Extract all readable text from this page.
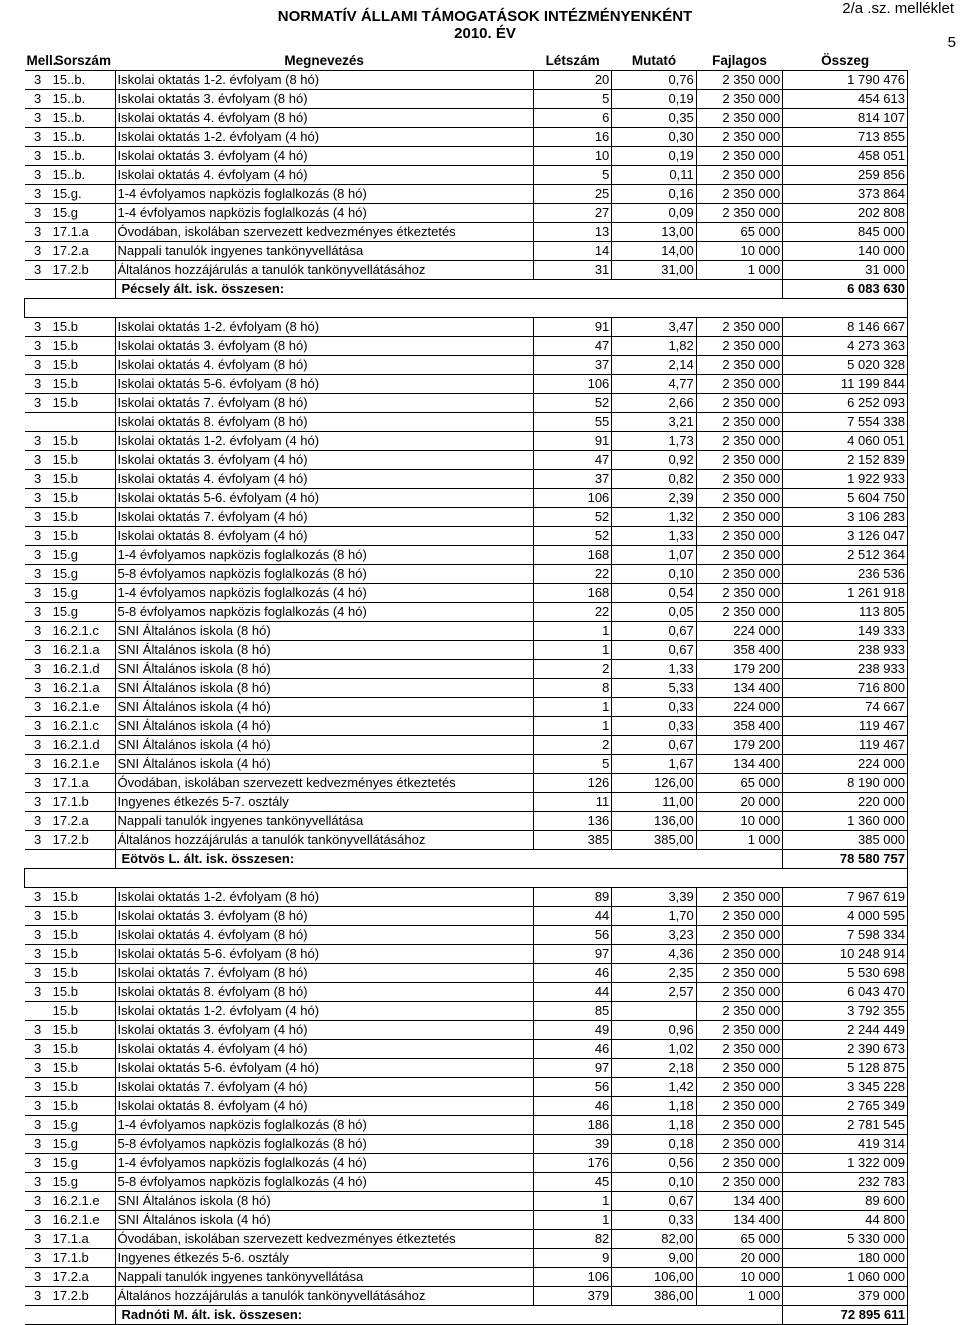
NORMATÍV ÁLLAMI TÁMOGATÁSOK INTÉZMÉNYENKÉNT
2010. ÉV
2/a .sz. melléklet
5
Mell.	Sorszám	Megnevezés	Létszám	Mutató	Fajlagos	Összeg
3	15..b.	Iskolai oktatás 1-2. évfolyam (8 hó)	20	0,76	2 350 000	1 790 476
3	15..b.	Iskolai oktatás 3. évfolyam (8 hó)	5	0,19	2 350 000	454 613
3	15..b.	Iskolai oktatás 4. évfolyam (8 hó)	6	0,35	2 350 000	814 107
3	15..b.	Iskolai oktatás 1-2. évfolyam (4 hó)	16	0,30	2 350 000	713 855
3	15..b.	Iskolai oktatás 3. évfolyam (4 hó)	10	0,19	2 350 000	458 051
3	15..b.	Iskolai oktatás 4. évfolyam (4 hó)	5	0,11	2 350 000	259 856
3	15.g.	1-4 évfolyamos napközis foglalkozás (8 hó)	25	0,16	2 350 000	373 864
3	15.g	1-4 évfolyamos napközis foglalkozás (4 hó)	27	0,09	2 350 000	202 808
3	17.1.a	Óvodában, iskolában szervezett kedvezményes étkeztetés	13	13,00	65 000	845 000
3	17.2.a	Nappali tanulók ingyenes tankönyvellátása	14	14,00	10 000	140 000
3	17.2.b	Általános hozzájárulás a tanulók tankönyvellátásához	31	31,00	1 000	31 000
		Pécsely ált. isk. összesen:				6 083 630

3	15.b	Iskolai oktatás 1-2. évfolyam (8 hó)	91	3,47	2 350 000	8 146 667
3	15.b	Iskolai oktatás 3. évfolyam (8 hó)	47	1,82	2 350 000	4 273 363
3	15.b	Iskolai oktatás 4. évfolyam (8 hó)	37	2,14	2 350 000	5 020 328
3	15.b	Iskolai oktatás 5-6. évfolyam (8 hó)	106	4,77	2 350 000	11 199 844
3	15.b	Iskolai oktatás 7. évfolyam (8 hó)	52	2,66	2 350 000	6 252 093
		Iskolai oktatás 8. évfolyam (8 hó)	55	3,21	2 350 000	7 554 338
3	15.b	Iskolai oktatás 1-2. évfolyam (4 hó)	91	1,73	2 350 000	4 060 051
3	15.b	Iskolai oktatás 3. évfolyam (4 hó)	47	0,92	2 350 000	2 152 839
3	15.b	Iskolai oktatás 4. évfolyam (4 hó)	37	0,82	2 350 000	1 922 933
3	15.b	Iskolai oktatás 5-6. évfolyam (4 hó)	106	2,39	2 350 000	5 604 750
3	15.b	Iskolai oktatás 7. évfolyam (4 hó)	52	1,32	2 350 000	3 106 283
3	15.b	Iskolai oktatás 8. évfolyam (4 hó)	52	1,33	2 350 000	3 126 047
3	15.g	1-4 évfolyamos napközis foglalkozás (8 hó)	168	1,07	2 350 000	2 512 364
3	15.g	5-8 évfolyamos napközis foglalkozás (8 hó)	22	0,10	2 350 000	236 536
3	15.g	1-4 évfolyamos napközis foglalkozás (4 hó)	168	0,54	2 350 000	1 261 918
3	15.g	5-8 évfolyamos napközis foglalkozás (4 hó)	22	0,05	2 350 000	113 805
3	16.2.1.c	SNI Általános iskola (8 hó)	1	0,67	224 000	149 333
3	16.2.1.a	SNI Általános iskola (8 hó)	1	0,67	358 400	238 933
3	16.2.1.d	SNI Általános iskola (8 hó)	2	1,33	179 200	238 933
3	16.2.1.a	SNI Általános iskola (8 hó)	8	5,33	134 400	716 800
3	16.2.1.e	SNI Általános iskola (4 hó)	1	0,33	224 000	74 667
3	16.2.1.c	SNI Általános iskola (4 hó)	1	0,33	358 400	119 467
3	16.2.1.d	SNI Általános iskola (4 hó)	2	0,67	179 200	119 467
3	16.2.1.e	SNI Általános iskola (4 hó)	5	1,67	134 400	224 000
3	17.1.a	Óvodában, iskolában szervezett kedvezményes étkeztetés	126	126,00	65 000	8 190 000
3	17.1.b	Ingyenes étkezés 5-7. osztály	11	11,00	20 000	220 000
3	17.2.a	Nappali tanulók ingyenes tankönyvellátása	136	136,00	10 000	1 360 000
3	17.2.b	Általános hozzájárulás a tanulók tankönyvellátásához	385	385,00	1 000	385 000
		Eötvös L. ált. isk. összesen:				78 580 757

3	15.b	Iskolai oktatás 1-2. évfolyam (8 hó)	89	3,39	2 350 000	7 967 619
3	15.b	Iskolai oktatás 3. évfolyam (8 hó)	44	1,70	2 350 000	4 000 595
3	15.b	Iskolai oktatás 4. évfolyam (8 hó)	56	3,23	2 350 000	7 598 334
3	15.b	Iskolai oktatás 5-6. évfolyam (8 hó)	97	4,36	2 350 000	10 248 914
3	15.b	Iskolai oktatás 7. évfolyam (8 hó)	46	2,35	2 350 000	5 530 698
3	15.b	Iskolai oktatás 8. évfolyam (8 hó)	44	2,57	2 350 000	6 043 470
	15.b	Iskolai oktatás 1-2. évfolyam (4 hó)	85		2 350 000	3 792 355
3	15.b	Iskolai oktatás 3. évfolyam (4 hó)	49	0,96	2 350 000	2 244 449
3	15.b	Iskolai oktatás 4. évfolyam (4 hó)	46	1,02	2 350 000	2 390 673
3	15.b	Iskolai oktatás 5-6. évfolyam (4 hó)	97	2,18	2 350 000	5 128 875
3	15.b	Iskolai oktatás 7. évfolyam (4 hó)	56	1,42	2 350 000	3 345 228
3	15.b	Iskolai oktatás 8. évfolyam (4 hó)	46	1,18	2 350 000	2 765 349
3	15.g	1-4 évfolyamos napközis foglalkozás (8 hó)	186	1,18	2 350 000	2 781 545
3	15.g	5-8 évfolyamos napközis foglalkozás (8 hó)	39	0,18	2 350 000	419 314
3	15.g	1-4 évfolyamos napközis foglalkozás (4 hó)	176	0,56	2 350 000	1 322 009
3	15.g	5-8 évfolyamos napközis foglalkozás (4 hó)	45	0,10	2 350 000	232 783
3	16.2.1.e	SNI Általános iskola (8 hó)	1	0,67	134 400	89 600
3	16.2.1.e	SNI Általános iskola (4 hó)	1	0,33	134 400	44 800
3	17.1.a	Óvodában, iskolában szervezett kedvezményes étkeztetés	82	82,00	65 000	5 330 000
3	17.1.b	Ingyenes étkezés 5-6. osztály	9	9,00	20 000	180 000
3	17.2.a	Nappali tanulók ingyenes tankönyvellátása	106	106,00	10 000	1 060 000
3	17.2.b	Általános hozzájárulás a tanulók tankönyvellátásához	379	386,00	1 000	379 000
		Radnóti M. ált. isk. összesen:				72 895 611
